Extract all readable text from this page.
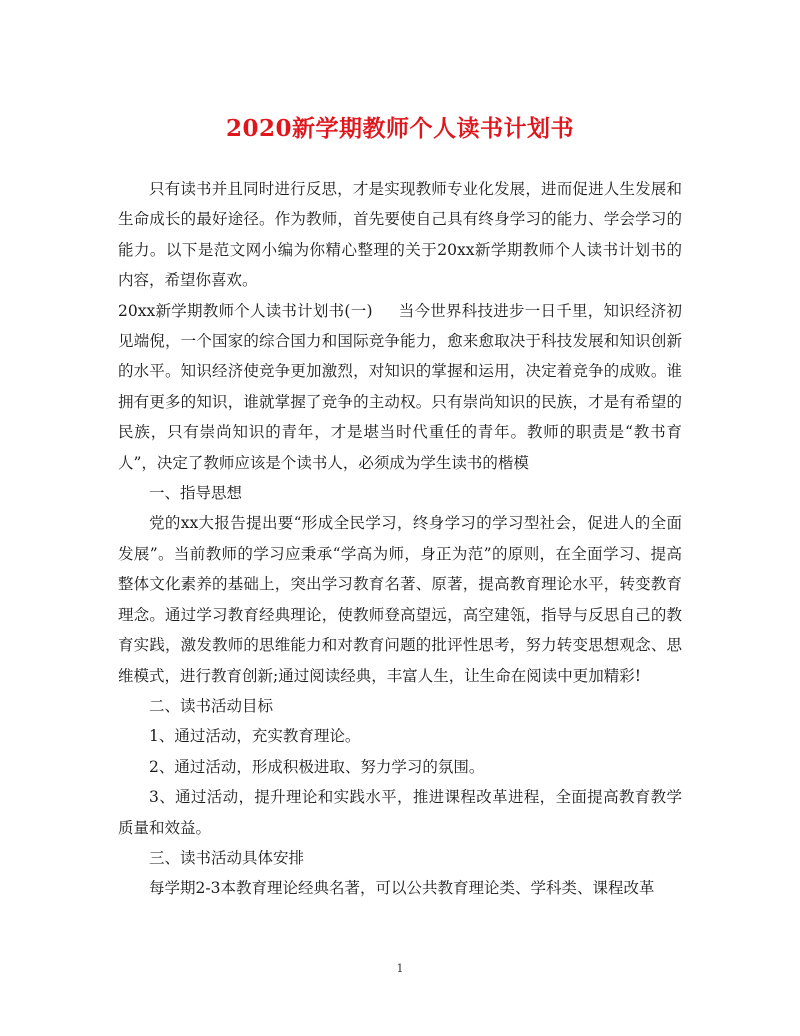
2020新学期教师个人读书计划书

只有读书并且同时进行反思，才是实现教师专业化发展，进而促进人生发展和生命成长的最好途径。作为教师，首先要使自己具有终身学习的能力、学会学习的能力。以下是范文网小编为你精心整理的关于20xx新学期教师个人读书计划书的内容，希望你喜欢。

20xx新学期教师个人读书计划书(一) 当今世界科技进步一日千里，知识经济初见端倪，一个国家的综合国力和国际竞争能力，愈来愈取决于科技发展和知识创新的水平。知识经济使竞争更加激烈，对知识的掌握和运用，决定着竞争的成败。谁拥有更多的知识，谁就掌握了竞争的主动权。只有崇尚知识的民族，才是有希望的民族，只有崇尚知识的青年，才是堪当时代重任的青年。教师的职责是“教书育人”，决定了教师应该是个读书人，必须成为学生读书的楷模

一、指导思想

党的xx大报告提出要“形成全民学习，终身学习的学习型社会，促进人的全面发展”。当前教师的学习应秉承“学高为师，身正为范”的原则，在全面学习、提高整体文化素养的基础上，突出学习教育名著、原著，提高教育理论水平，转变教育理念。通过学习教育经典理论，使教师登高望远，高空建瓴，指导与反思自己的教育实践，激发教师的思维能力和对教育问题的批评性思考，努力转变思想观念、思维模式，进行教育创新;通过阅读经典，丰富人生，让生命在阅读中更加精彩!

二、读书活动目标

1、通过活动，充实教育理论。

2、通过活动，形成积极进取、努力学习的氛围。

3、通过活动，提升理论和实践水平，推进课程改革进程，全面提高教育教学质量和效益。

三、读书活动具体安排

每学期2-3本教育理论经典名著，可以公共教育理论类、学科类、课程改革

1
